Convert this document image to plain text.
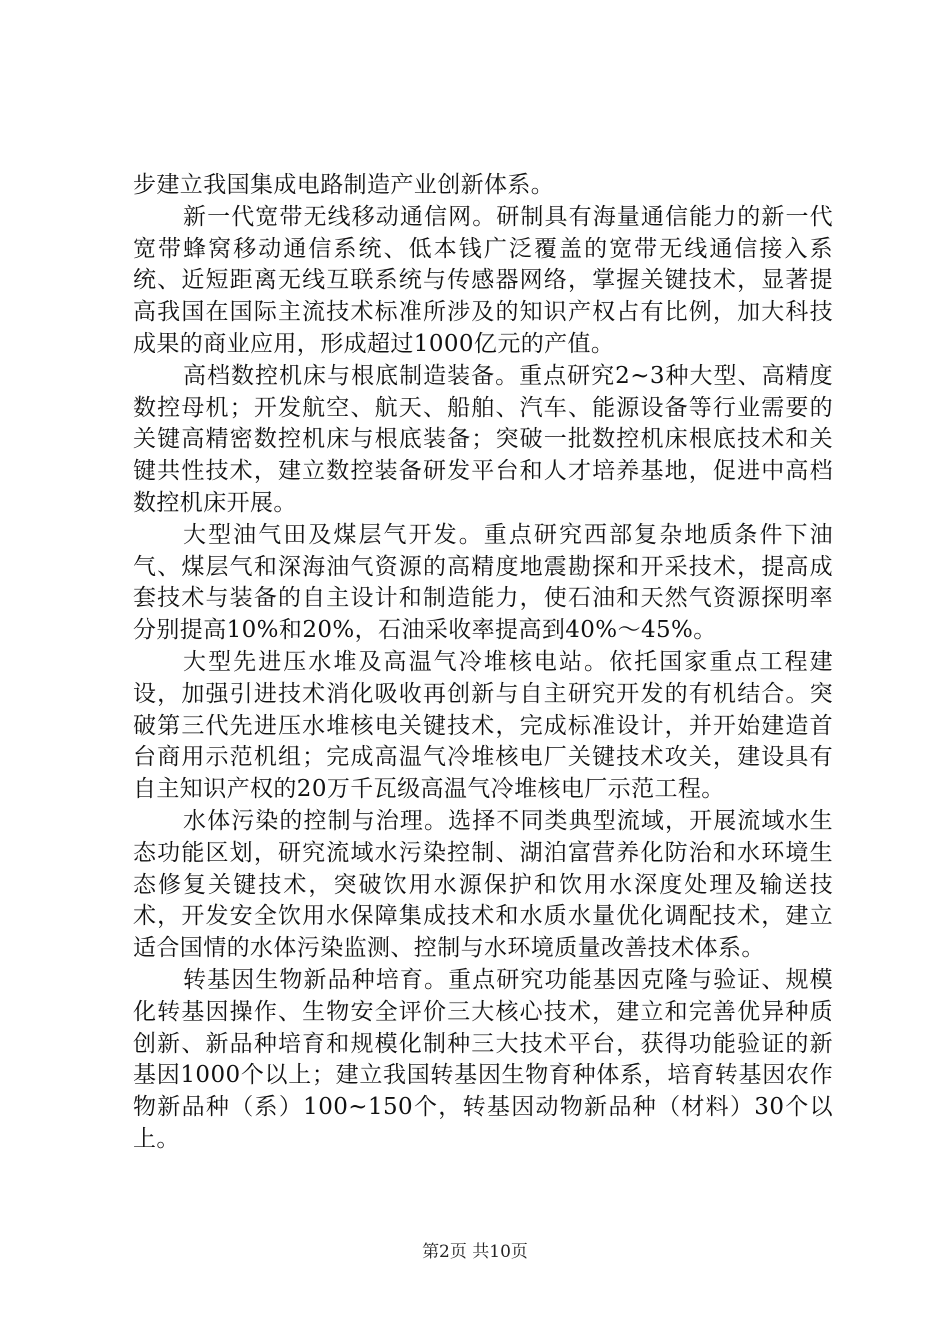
步建立我国集成电路制造产业创新体系。

新一代宽带无线移动通信网。研制具有海量通信能力的新一代宽带蜂窝移动通信系统、低本钱广泛覆盖的宽带无线通信接入系统、近短距离无线互联系统与传感器网络，掌握关键技术，显著提高我国在国际主流技术标准所涉及的知识产权占有比例，加大科技成果的商业应用，形成超过1000亿元的产值。

高档数控机床与根底制造装备。重点研究2~3种大型、高精度数控母机；开发航空、航天、船舶、汽车、能源设备等行业需要的关键高精密数控机床与根底装备；突破一批数控机床根底技术和关键共性技术，建立数控装备研发平台和人才培养基地，促进中高档数控机床开展。

大型油气田及煤层气开发。重点研究西部复杂地质条件下油气、煤层气和深海油气资源的高精度地震勘探和开采技术，提高成套技术与装备的自主设计和制造能力，使石油和天然气资源探明率分别提高10%和20%，石油采收率提高到40%～45%。

大型先进压水堆及高温气冷堆核电站。依托国家重点工程建设，加强引进技术消化吸收再创新与自主研究开发的有机结合。突破第三代先进压水堆核电关键技术，完成标准设计，并开始建造首台商用示范机组；完成高温气冷堆核电厂关键技术攻关，建设具有自主知识产权的20万千瓦级高温气冷堆核电厂示范工程。

水体污染的控制与治理。选择不同类典型流域，开展流域水生态功能区划，研究流域水污染控制、湖泊富营养化防治和水环境生态修复关键技术，突破饮用水源保护和饮用水深度处理及输送技术，开发安全饮用水保障集成技术和水质水量优化调配技术，建立适合国情的水体污染监测、控制与水环境质量改善技术体系。

转基因生物新品种培育。重点研究功能基因克隆与验证、规模化转基因操作、生物安全评价三大核心技术，建立和完善优异种质创新、新品种培育和规模化制种三大技术平台，获得功能验证的新基因1000个以上；建立我国转基因生物育种体系，培育转基因农作物新品种（系）100~150个，转基因动物新品种（材料）30个以上。

第2页 共10页
